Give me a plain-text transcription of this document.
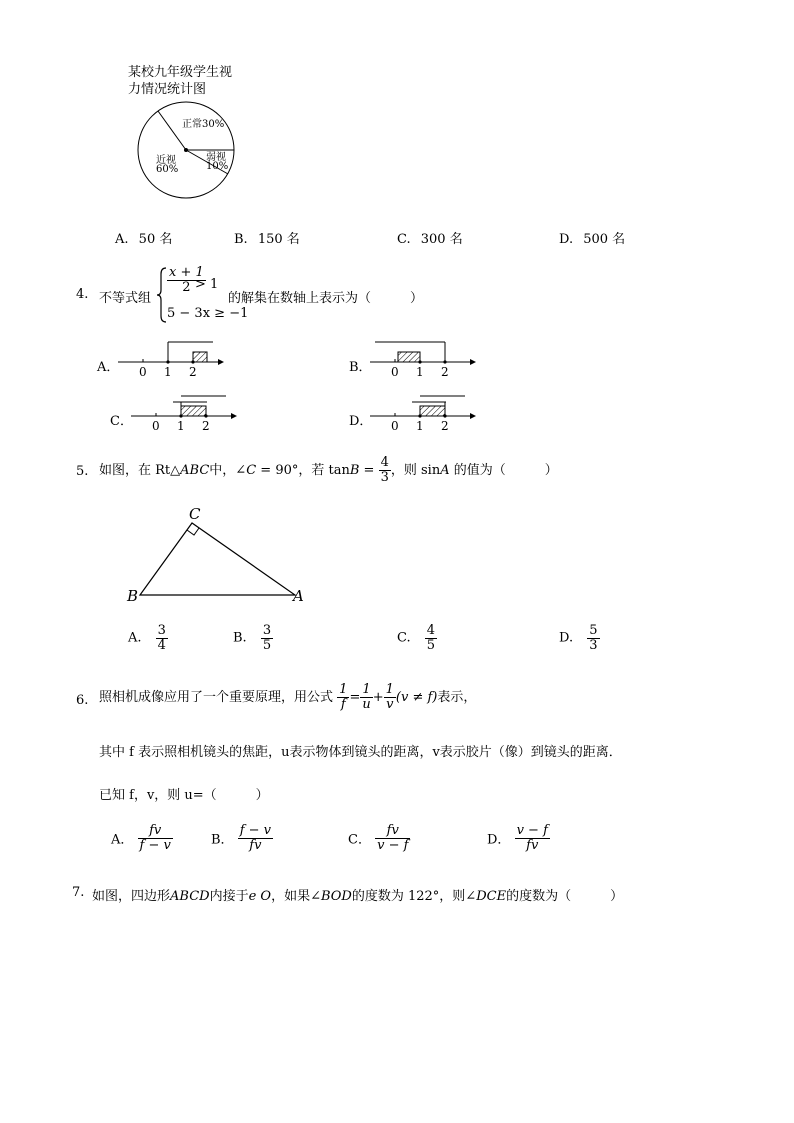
某校九年级学生视
力情况统计图
正常30%
弱视
10%
近视
60%
A. 50 名	B. 150 名	C. 300 名	D. 500 名
4. 不等式组
$\frac{x + 1}{2}$
> 1
5 − 3x ≥ −1
的解集在数轴上表示为（　　　）
A． 0 1 2	B． 0 1 2
C． 0 1 2	D． 0 1 2
5. 如图，在 Rt△ABC中，∠C = 90°，若 $\tan B = \frac{4}{3}$ ，则 sinA 的值为（　　　）
C
B	A
A. $\frac{3}{4}$	B. $\frac{3}{5}$	C. $\frac{4}{5}$	D. $\frac{5}{3}$
6. 照相机成像应用了一个重要原理，用公式 $\frac{1}{f} = \frac{1}{u} + \frac{1}{v} (v \ne f)$表示，
其中 f 表示照相机镜头的焦距，u表示物体到镜头的距离，v表示胶片（像）到镜头的距离．
已知 f，v，则 u=（　　　）
A． $\frac{fv}{f - v}$	B． $\frac{f - v}{fv}$	C． $\frac{fv}{v - f}$	D． $\frac{v - f}{fv}$
7. 如图，四边形ABCD内接于e O，如果∠BOD的度数为 122°，则∠DCE的度数为（　　　）
